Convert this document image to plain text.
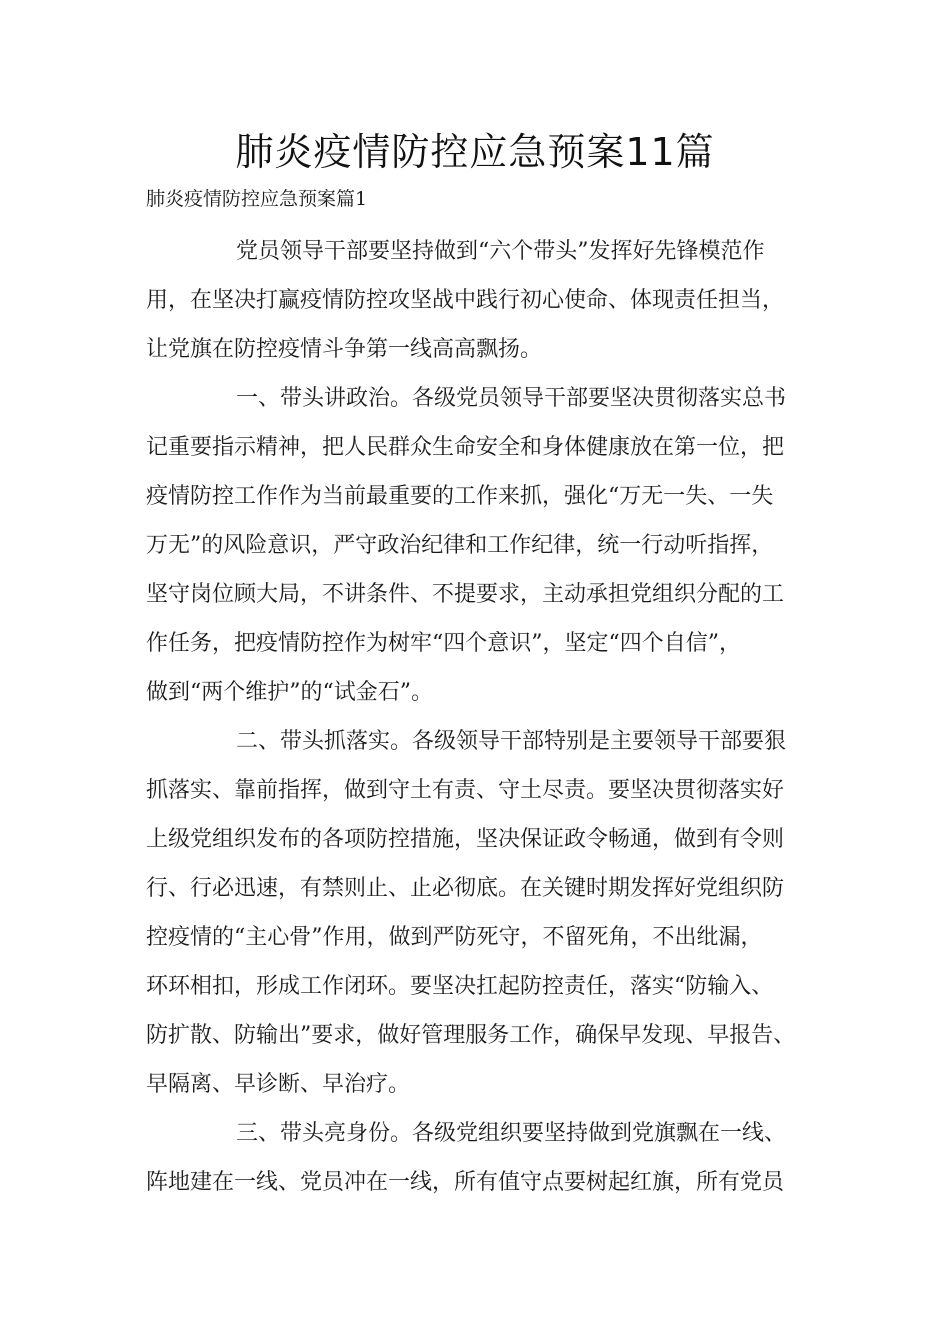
肺炎疫情防控应急预案11篇
肺炎疫情防控应急预案篇1
党员领导干部要坚持做到“六个带头”发挥好先锋模范作
用，在坚决打赢疫情防控攻坚战中践行初心使命、体现责任担当，
让党旗在防控疫情斗争第一线高高飘扬。
一、带头讲政治。各级党员领导干部要坚决贯彻落实总书
记重要指示精神，把人民群众生命安全和身体健康放在第一位，把
疫情防控工作作为当前最重要的工作来抓，强化“万无一失、一失
万无”的风险意识，严守政治纪律和工作纪律，统一行动听指挥，
坚守岗位顾大局，不讲条件、不提要求，主动承担党组织分配的工
作任务，把疫情防控作为树牢“四个意识”，坚定“四个自信”，
做到“两个维护”的“试金石”。
二、带头抓落实。各级领导干部特别是主要领导干部要狠
抓落实、靠前指挥，做到守土有责、守土尽责。要坚决贯彻落实好
上级党组织发布的各项防控措施，坚决保证政令畅通，做到有令则
行、行必迅速，有禁则止、止必彻底。在关键时期发挥好党组织防
控疫情的“主心骨”作用，做到严防死守，不留死角，不出纰漏，
环环相扣，形成工作闭环。要坚决扛起防控责任，落实“防输入、
防扩散、防输出”要求，做好管理服务工作，确保早发现、早报告、
早隔离、早诊断、早治疗。
三、带头亮身份。各级党组织要坚持做到党旗飘在一线、
阵地建在一线、党员冲在一线，所有值守点要树起红旗，所有党员
